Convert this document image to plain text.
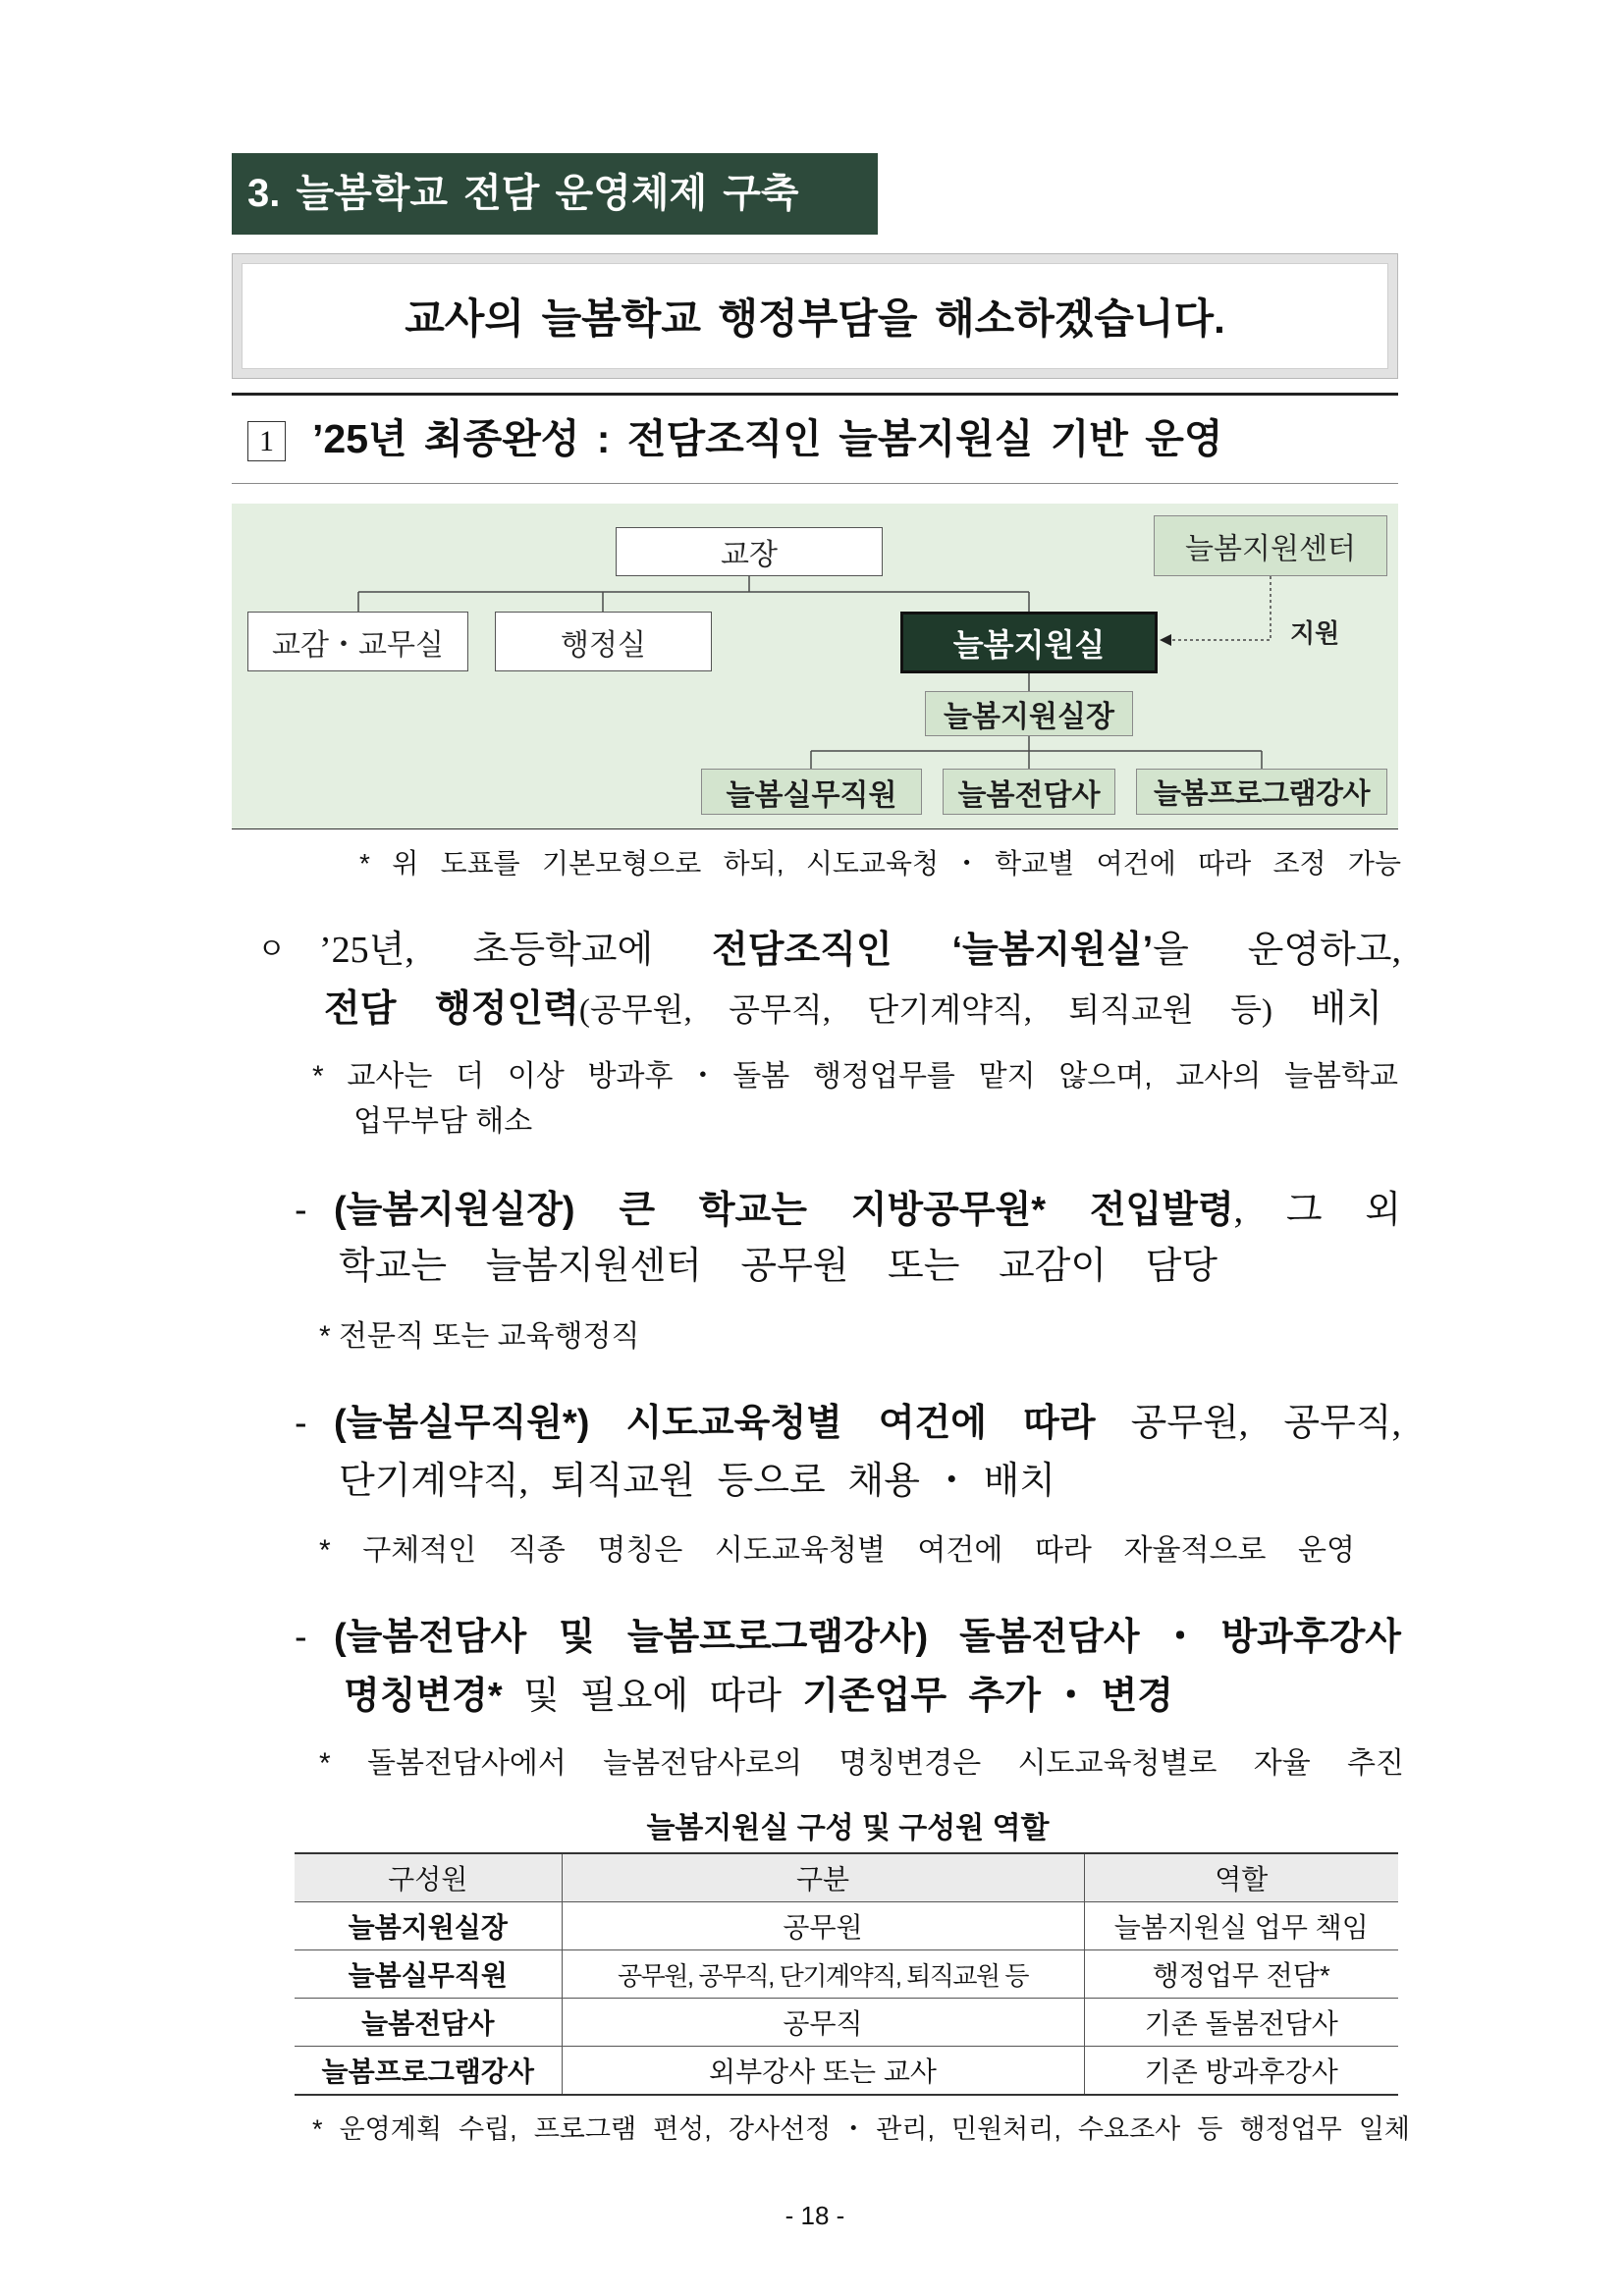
3. 늘봄학교 전담 운영체제 구축
교사의 늘봄학교 행정부담을 해소하겠습니다.
1 ’25년 최종완성 : 전담조직인 늘봄지원실 기반 운영
교장	늘봄지원센터
지원
교감・교무실	행정실	늘봄지원실
늘봄지원실장
늘봄실무직원	늘봄전담사	늘봄프로그램강사
* 위 도표를 기본모형으로 하되, 시도교육청・학교별 여건에 따라 조정 가능
ㅇ ’25년, 초등학교에 전담조직인 ‘늘봄지원실’을 운영하고,
전담 행정인력(공무원, 공무직, 단기계약직, 퇴직교원 등) 배치
* 교사는 더 이상 방과후・돌봄 행정업무를 맡지 않으며, 교사의 늘봄학교
업무부담 해소
- (늘봄지원실장) 큰 학교는 지방공무원* 전입발령, 그 외
학교는 늘봄지원센터 공무원 또는 교감이 담당
* 전문직 또는 교육행정직
- (늘봄실무직원*) 시도교육청별 여건에 따라 공무원, 공무직,
단기계약직, 퇴직교원 등으로 채용・배치
* 구체적인 직종 명칭은 시도교육청별 여건에 따라 자율적으로 운영
- (늘봄전담사 및 늘봄프로그램강사) 돌봄전담사・방과후강사
명칭변경* 및 필요에 따라 기존업무 추가・변경
* 돌봄전담사에서 늘봄전담사로의 명칭변경은 시도교육청별로 자율 추진
늘봄지원실 구성 및 구성원 역할
구성원	구분	역할
늘봄지원실장	공무원	늘봄지원실 업무 책임
늘봄실무직원	공무원, 공무직, 단기계약직, 퇴직교원 등	행정업무 전담*
늘봄전담사	공무직	기존 돌봄전담사
늘봄프로그램강사	외부강사 또는 교사	기존 방과후강사
* 운영계획 수립, 프로그램 편성, 강사선정・관리, 민원처리, 수요조사 등 행정업무 일체
- 18 -
